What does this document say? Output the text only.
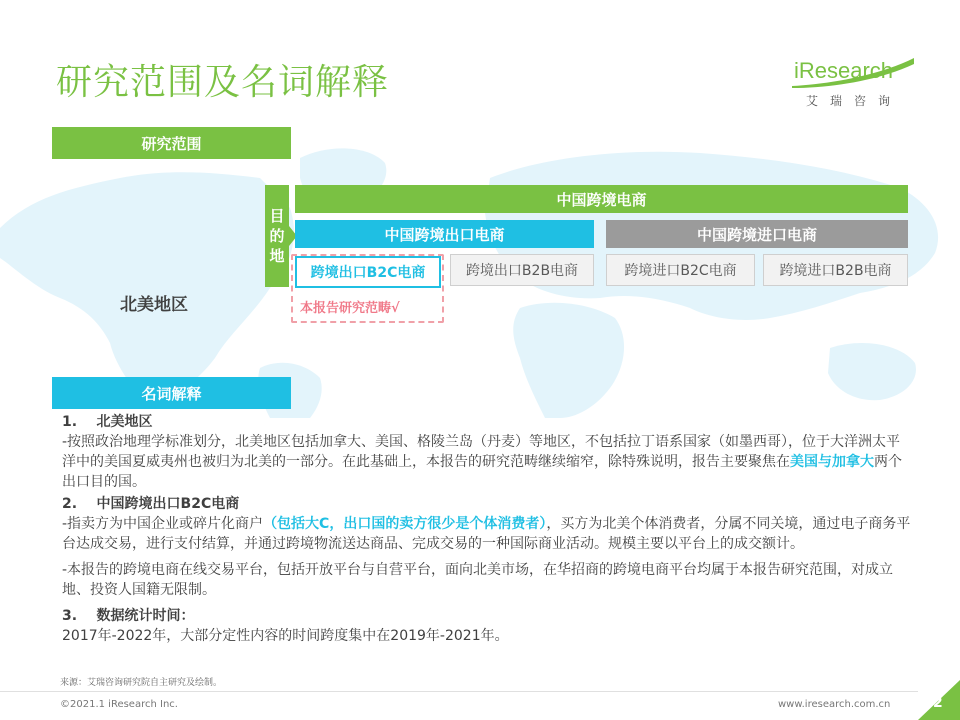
研究范围及名词解释	iResearch
艾瑞咨询
研究范围
目
的
地
北美地区
中国跨境电商
中国跨境出口电商	中国跨境进口电商
跨境出口B2C电商	跨境出口B2B电商	跨境进口B2C电商	跨境进口B2B电商
本报告研究范畴√
名词解释
1.    北美地区
-按照政治地理学标准划分，北美地区包括加拿大、美国、格陵兰岛（丹麦）等地区，不包括拉丁语系国家（如墨西哥），位于大洋洲太平洋中的美国夏威夷州也被归为北美的一部分。在此基础上，本报告的研究范畴继续缩窄，除特殊说明，报告主要聚焦在美国与加拿大两个出口目的国。
2.    中国跨境出口B2C电商
-指卖方为中国企业或碎片化商户（包括大C，出口国的卖方很少是个体消费者），买方为北美个体消费者，分属不同关境，通过电子商务平台达成交易，进行支付结算，并通过跨境物流送达商品、完成交易的一种国际商业活动。规模主要以平台上的成交额计。
-本报告的跨境电商在线交易平台，包括开放平台与自营平台，面向北美市场，在华招商的跨境电商平台均属于本报告研究范围，对成立地、投资人国籍无限制。
3.    数据统计时间：
2017年-2022年，大部分定性内容的时间跨度集中在2019年-2021年。
来源：艾瑞咨询研究院自主研究及绘制。
©2021.1 iResearch Inc.	www.iresearch.com.cn	2
